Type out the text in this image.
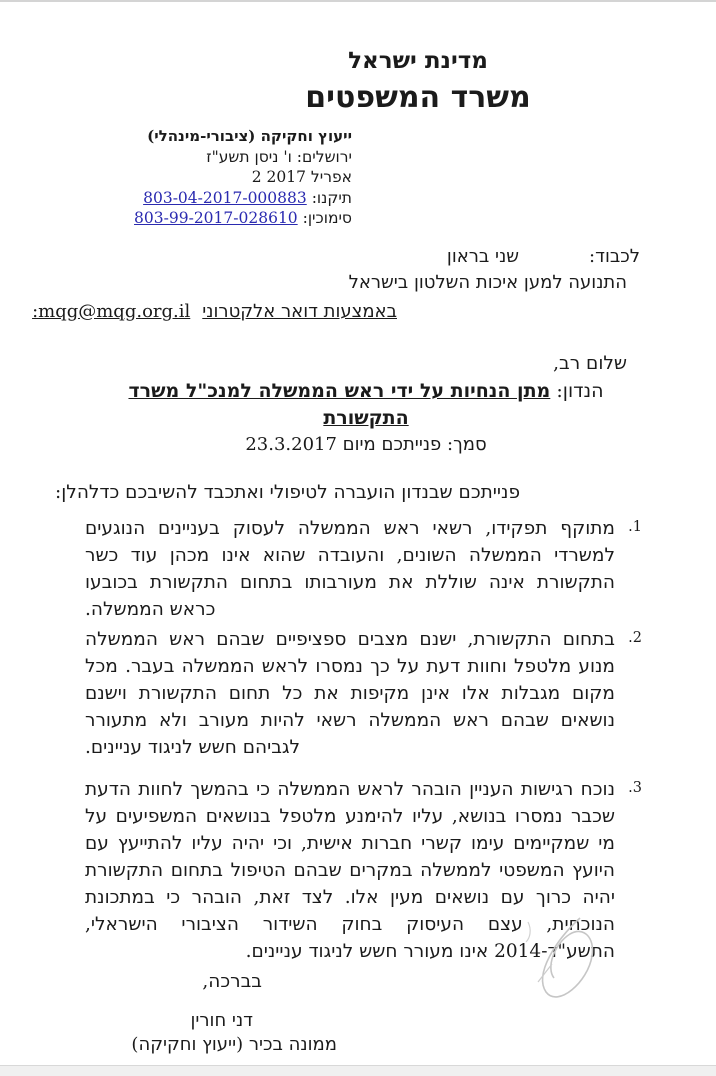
מדינת ישראל
משרד המשפטים
ייעוץ וחקיקה (ציבורי-מינהלי)
ירושלים: ו' ניסן תשע"ז
אפריל 2017 2
תיקנו: 803-04-2017-000883
סימוכין: 803-99-2017-028610
לכבוד:שני בראון
התנועה למען איכות השלטון בישראל
באמצעות דואר אלקטרוני:mqg@mqg.org.il
שלום רב,
הנדון: מתן הנחיות על ידי ראש הממשלה למנכ"ל משרד התקשורת
סמך: פנייתכם מיום 23.3.2017
פנייתכם שבנדון הועברה לטיפולי ואתכבד להשיבכם כדלהלן:
1.
מתוקף תפקידו, רשאי ראש הממשלה לעסוק בעניינים הנוגעים למשרדי הממשלה השונים, והעובדה שהוא אינו מכהן עוד כשר התקשורת אינה שוללת את מעורבותו בתחום התקשורת בכובעו כראש הממשלה.
2.
בתחום התקשורת, ישנם מצבים ספציפיים שבהם ראש הממשלה מנוע מלטפל וחוות דעת על כך נמסרו לראש הממשלה בעבר. מכל מקום מגבלות אלו אינן מקיפות את כל תחום התקשורת וישנם נושאים שבהם ראש הממשלה רשאי להיות מעורב ולא מתעורר לגביהם חשש לניגוד עניינים.
3.
נוכח רגישות העניין הובהר לראש הממשלה כי בהמשך לחוות הדעת שכבר נמסרו בנושא, עליו להימנע מלטפל בנושאים המשפיעים על מי שמקיימים עימו קשרי חברות אישית, וכי יהיה עליו להתייעץ עם היועץ המשפטי לממשלה במקרים שבהם הטיפול בתחום התקשורת יהיה כרוך עם נושאים מעין אלו. לצד זאת, הובהר כי במתכונת הנוכחית, עצם העיסוק בחוק השידור הציבורי הישראלי, התשע"ד-2014 אינו מעורר חשש לניגוד עניינים.
בברכה,
דני חורין
ממונה בכיר (ייעוץ וחקיקה)
